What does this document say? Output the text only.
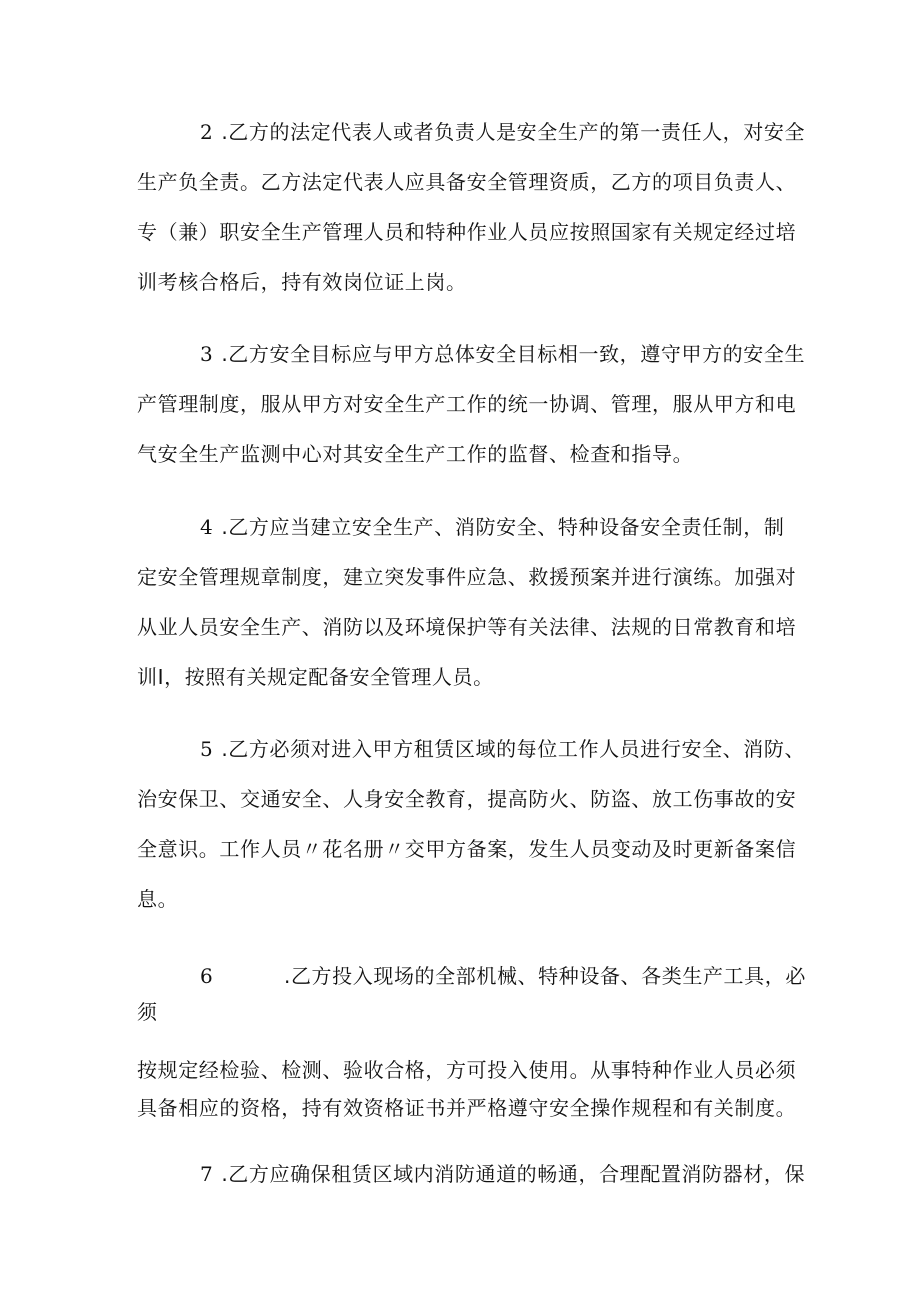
2 .乙方的法定代表人或者负责人是安全生产的第一责任人，对安全
生产负全责。乙方法定代表人应具备安全管理资质，乙方的项目负责人、
专（兼）职安全生产管理人员和特种作业人员应按照国家有关规定经过培
训考核合格后，持有效岗位证上岗。
3 .乙方安全目标应与甲方总体安全目标相一致，遵守甲方的安全生
产管理制度，服从甲方对安全生产工作的统一协调、管理，服从甲方和电
气安全生产监测中心对其安全生产工作的监督、检查和指导。
4 .乙方应当建立安全生产、消防安全、特种设备安全责任制，制
定安全管理规章制度，建立突发事件应急、救援预案并进行演练。加强对
从业人员安全生产、消防以及环境保护等有关法律、法规的日常教育和培
训I，按照有关规定配备安全管理人员。
5 .乙方必须对进入甲方租赁区域的每位工作人员进行安全、消防、
治安保卫、交通安全、人身安全教育，提高防火、防盗、放工伤事故的安
全意识。工作人员〃花名册〃交甲方备案，发生人员变动及时更新备案信
息。
6	.乙方投入现场的全部机械、特种设备、各类生产工具，必
须
按规定经检验、检测、验收合格，方可投入使用。从事特种作业人员必须
具备相应的资格，持有效资格证书并严格遵守安全操作规程和有关制度。
7 .乙方应确保租赁区域内消防通道的畅通，合理配置消防器材，保
